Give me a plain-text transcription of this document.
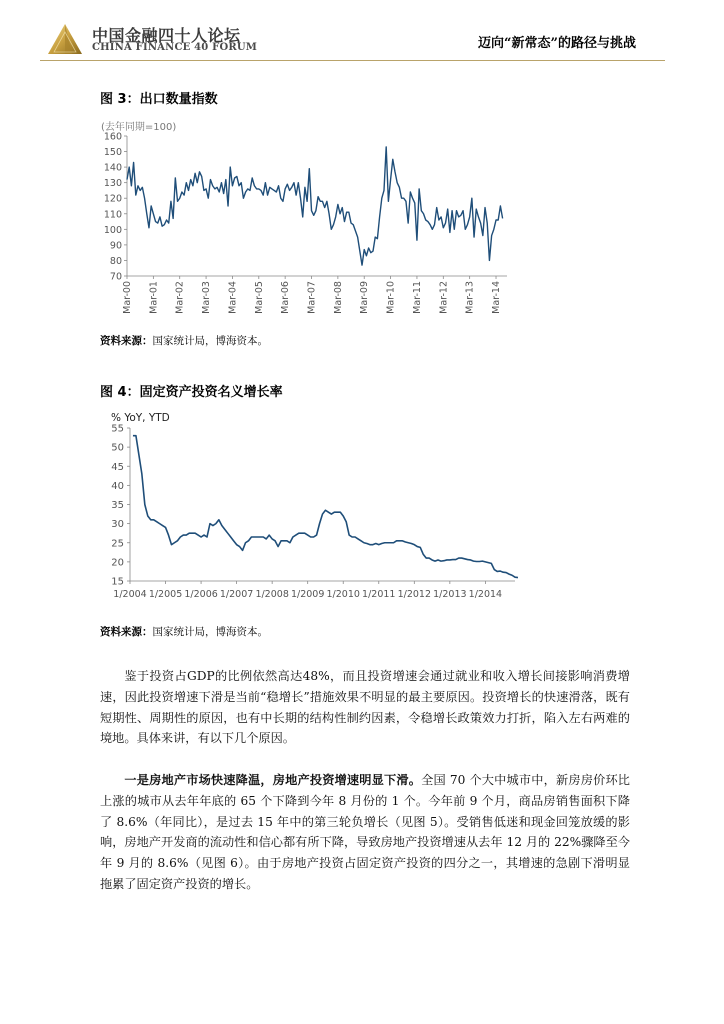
中国金融四十人论坛
CHINA FINANCE 40 FORUM	迈向“新常态”的路径与挑战
图 3：出口数量指数
(去年同期=100)
70
80
90
100
110
120
130
140
150
160
Mar-00 Mar-01 Mar-02 Mar-03 Mar-04 Mar-05 Mar-06 Mar-07 Mar-08 Mar-09 Mar-10 Mar-11 Mar-12 Mar-13 Mar-14
资料来源：国家统计局，博海资本。
图 4：固定资产投资名义增长率
% YoY, YTD
15
20
25
30
35
40
45
50
55
1/2004 1/2005 1/2006 1/2007 1/2008 1/2009 1/2010 1/2011 1/2012 1/2013 1/2014
资料来源：国家统计局，博海资本。
鉴于投资占GDP的比例依然高达48%，而且投资增速会通过就业和收入增长间接影响消费增速，因此投资增速下滑是当前“稳增长”措施效果不明显的最主要原因。投资增长的快速滑落，既有短期性、周期性的原因，也有中长期的结构性制约因素，令稳增长政策效力打折，陷入左右两难的境地。具体来讲，有以下几个原因。
一是房地产市场快速降温，房地产投资增速明显下滑。全国 70 个大中城市中，新房房价环比上涨的城市从去年年底的 65 个下降到今年 8 月份的 1 个。今年前 9 个月，商品房销售面积下降了 8.6%（年同比），是过去 15 年中的第三轮负增长（见图 5）。受销售低迷和现金回笼放缓的影响，房地产开发商的流动性和信心都有所下降，导致房地产投资增速从去年 12 月的 22%骤降至今年 9 月的 8.6%（见图 6）。由于房地产投资占固定资产投资的四分之一，其增速的急剧下滑明显拖累了固定资产投资的增长。
